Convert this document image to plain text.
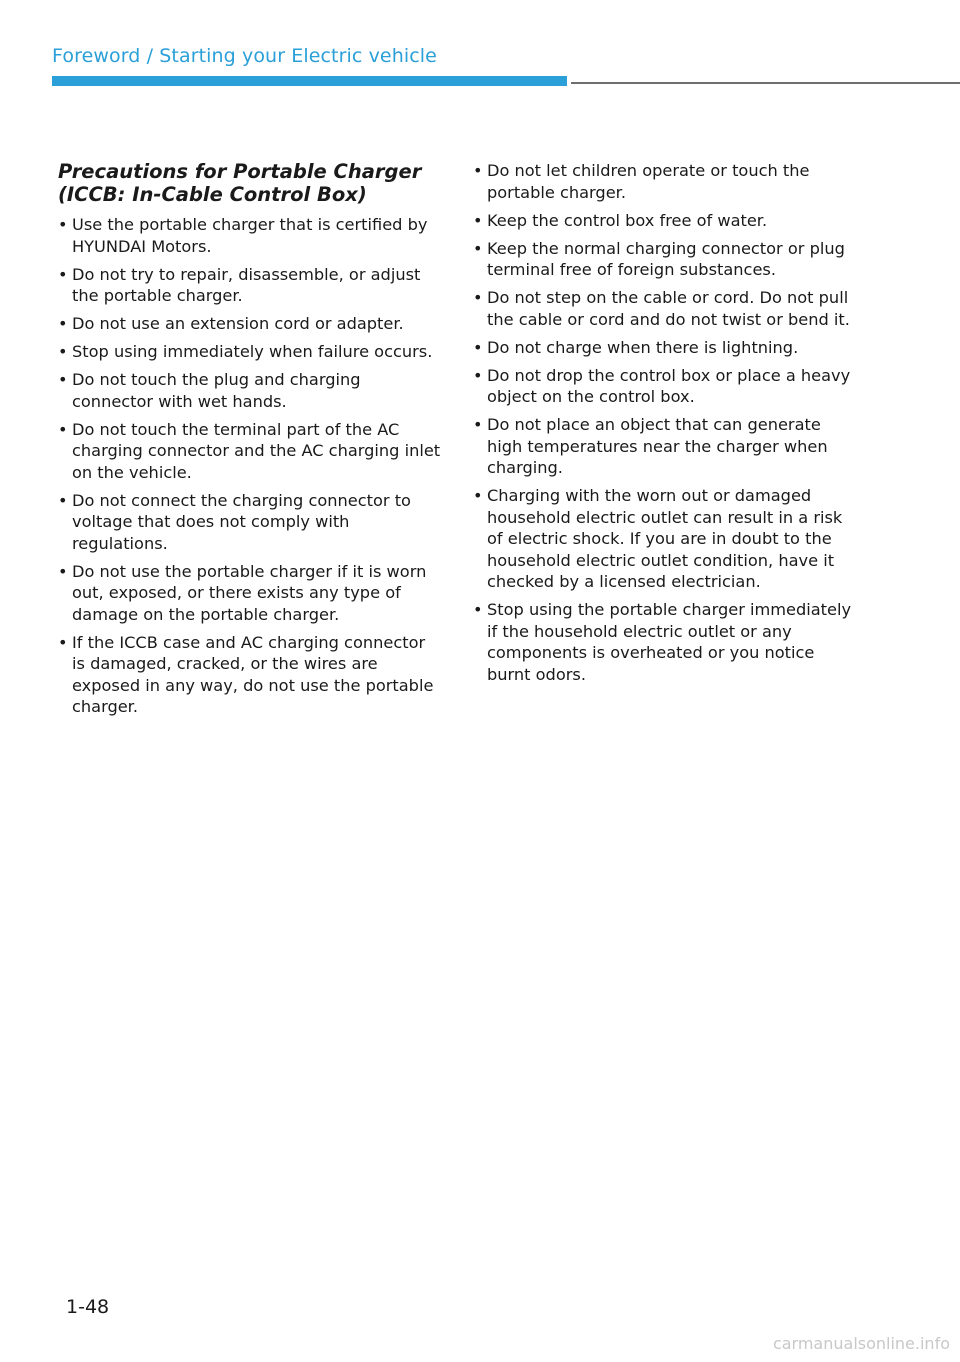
Foreword / Starting your Electric vehicle
Precautions for Portable Charger
(ICCB: In-Cable Control Box)
• Use the portable charger that is certified by HYUNDAI Motors.
• Do not try to repair, disassemble, or adjust the portable charger.
• Do not use an extension cord or adapter.
• Stop using immediately when failure occurs.
• Do not touch the plug and charging connector with wet hands.
• Do not touch the terminal part of the AC charging connector and the AC charging inlet on the vehicle.
• Do not connect the charging connector to voltage that does not comply with regulations.
• Do not use the portable charger if it is worn out, exposed, or there exists any type of damage on the portable charger.
• If the ICCB case and AC charging connector is damaged, cracked, or the wires are exposed in any way, do not use the portable charger.
• Do not let children operate or touch the portable charger.
• Keep the control box free of water.
• Keep the normal charging connector or plug terminal free of foreign substances.
• Do not step on the cable or cord. Do not pull the cable or cord and do not twist or bend it.
• Do not charge when there is lightning.
• Do not drop the control box or place a heavy object on the control box.
• Do not place an object that can generate high temperatures near the charger when charging.
• Charging with the worn out or damaged household electric outlet can result in a risk of electric shock. If you are in doubt to the household electric outlet condition, have it checked by a licensed electrician.
• Stop using the portable charger immediately if the household electric outlet or any components is overheated or you notice burnt odors.
1-48
carmanualsonline.info
